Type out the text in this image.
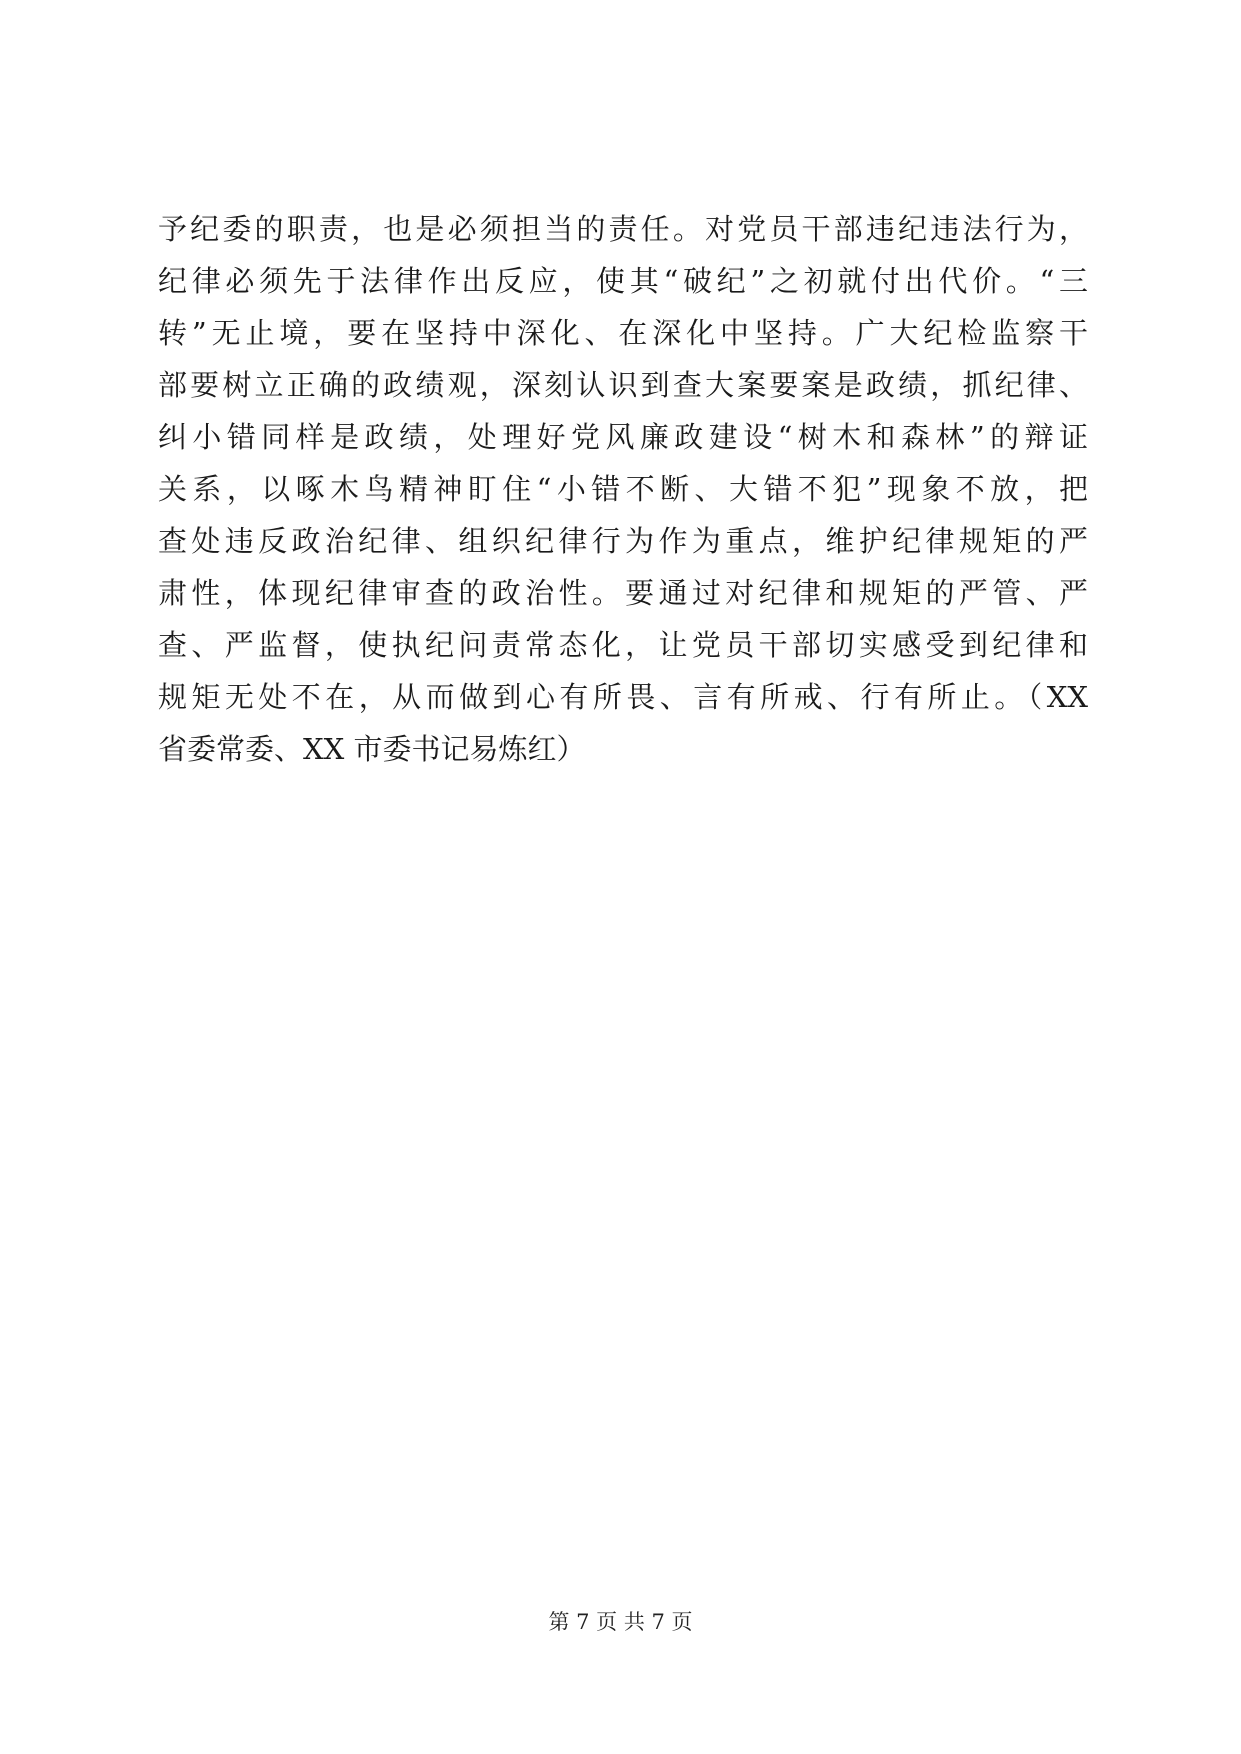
予纪委的职责，也是必须担当的责任。对党员干部违纪违法行为，
纪律必须先于法律作出反应，使其“破纪”之初就付出代价。“三
转”无止境，要在坚持中深化、在深化中坚持。广大纪检监察干
部要树立正确的政绩观，深刻认识到查大案要案是政绩，抓纪律、
纠小错同样是政绩，处理好党风廉政建设“树木和森林”的辩证
关系，以啄木鸟精神盯住“小错不断、大错不犯”现象不放，把
查处违反政治纪律、组织纪律行为作为重点，维护纪律规矩的严
肃性，体现纪律审查的政治性。要通过对纪律和规矩的严管、严
查、严监督，使执纪问责常态化，让党员干部切实感受到纪律和
规矩无处不在，从而做到心有所畏、言有所戒、行有所止。（XX
省委常委、XX 市委书记易炼红）
第 7 页 共 7 页
